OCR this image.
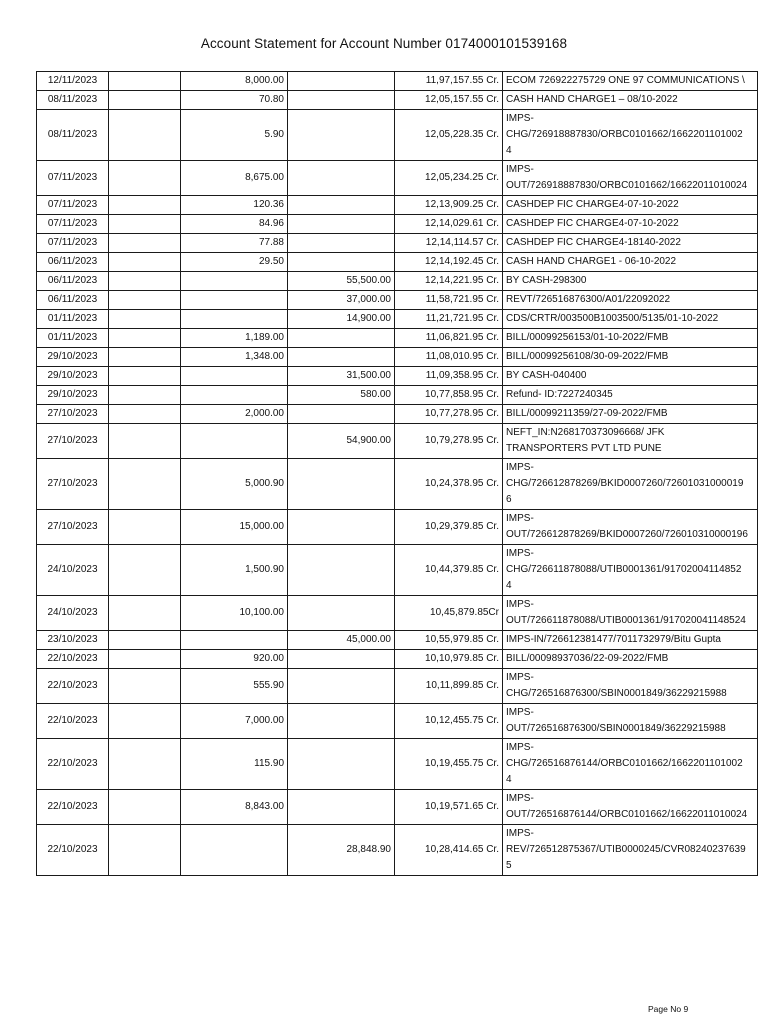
Account Statement for Account Number 0174000101539168
12/11/2023		8,000.00		11,97,157.55 Cr.	ECOM 726922275729 ONE 97 COMMUNICATIONS \
08/11/2023		70.80		12,05,157.55 Cr.	CASH HAND CHARGE1 – 08/10-2022
08/11/2023		5.90		12,05,228.35 Cr.	IMPS-
CHG/726918887830/ORBC0101662/1662201101002
4
07/11/2023		8,675.00		12,05,234.25 Cr.	IMPS-
OUT/726918887830/ORBC0101662/16622011010024
07/11/2023		120.36		12,13,909.25 Cr.	CASHDEP FIC CHARGE4-07-10-2022
07/11/2023		84.96		12,14,029.61 Cr.	CASHDEP FIC CHARGE4-07-10-2022
07/11/2023		77.88		12,14,114.57 Cr.	CASHDEP FIC CHARGE4-18140-2022
06/11/2023		29.50		12,14,192.45 Cr.	CASH HAND CHARGE1 - 06-10-2022
06/11/2023			55,500.00	12,14,221.95 Cr.	BY CASH-298300
06/11/2023			37,000.00	11,58,721.95 Cr.	REVT/726516876300/A01/22092022
01/11/2023			14,900.00	11,21,721.95 Cr.	CDS/CRTR/003500B1003500/5135/01-10-2022
01/11/2023		1,189.00		11,06,821.95 Cr.	BILL/00099256153/01-10-2022/FMB
29/10/2023		1,348.00		11,08,010.95 Cr.	BILL/00099256108/30-09-2022/FMB
29/10/2023			31,500.00	11,09,358.95 Cr.	BY CASH-040400
29/10/2023			580.00	10,77,858.95 Cr.	Refund- ID:7227240345
27/10/2023		2,000.00		10,77,278.95 Cr.	BILL/00099211359/27-09-2022/FMB
27/10/2023			54,900.00	10,79,278.95 Cr.	NEFT_IN:N268170373096668/ JFK
TRANSPORTERS PVT LTD PUNE
27/10/2023		5,000.90		10,24,378.95 Cr.	IMPS-
CHG/726612878269/BKID0007260/72601031000019
6
27/10/2023		15,000.00		10,29,379.85 Cr.	IMPS-
OUT/726612878269/BKID0007260/726010310000196
24/10/2023		1,500.90		10,44,379.85 Cr.	IMPS-
CHG/726611878088/UTIB0001361/91702004114852
4
24/10/2023		10,100.00		10,45,879.85Cr	IMPS-
OUT/726611878088/UTIB0001361/917020041148524
23/10/2023			45,000.00	10,55,979.85 Cr.	IMPS-IN/726612381477/7011732979/Bitu Gupta
22/10/2023		920.00		10,10,979.85 Cr.	BILL/00098937036/22-09-2022/FMB
22/10/2023		555.90		10,11,899.85 Cr.	IMPS-
CHG/726516876300/SBIN0001849/36229215988
22/10/2023		7,000.00		10,12,455.75 Cr.	IMPS-
OUT/726516876300/SBIN0001849/36229215988
22/10/2023		115.90		10,19,455.75 Cr.	IMPS-
CHG/726516876144/ORBC0101662/1662201101002
4
22/10/2023		8,843.00		10,19,571.65 Cr.	IMPS-
OUT/726516876144/ORBC0101662/16622011010024
22/10/2023			28,848.90	10,28,414.65 Cr.	IMPS-
REV/726512875367/UTIB0000245/CVR08240237639
5
Page No 9
